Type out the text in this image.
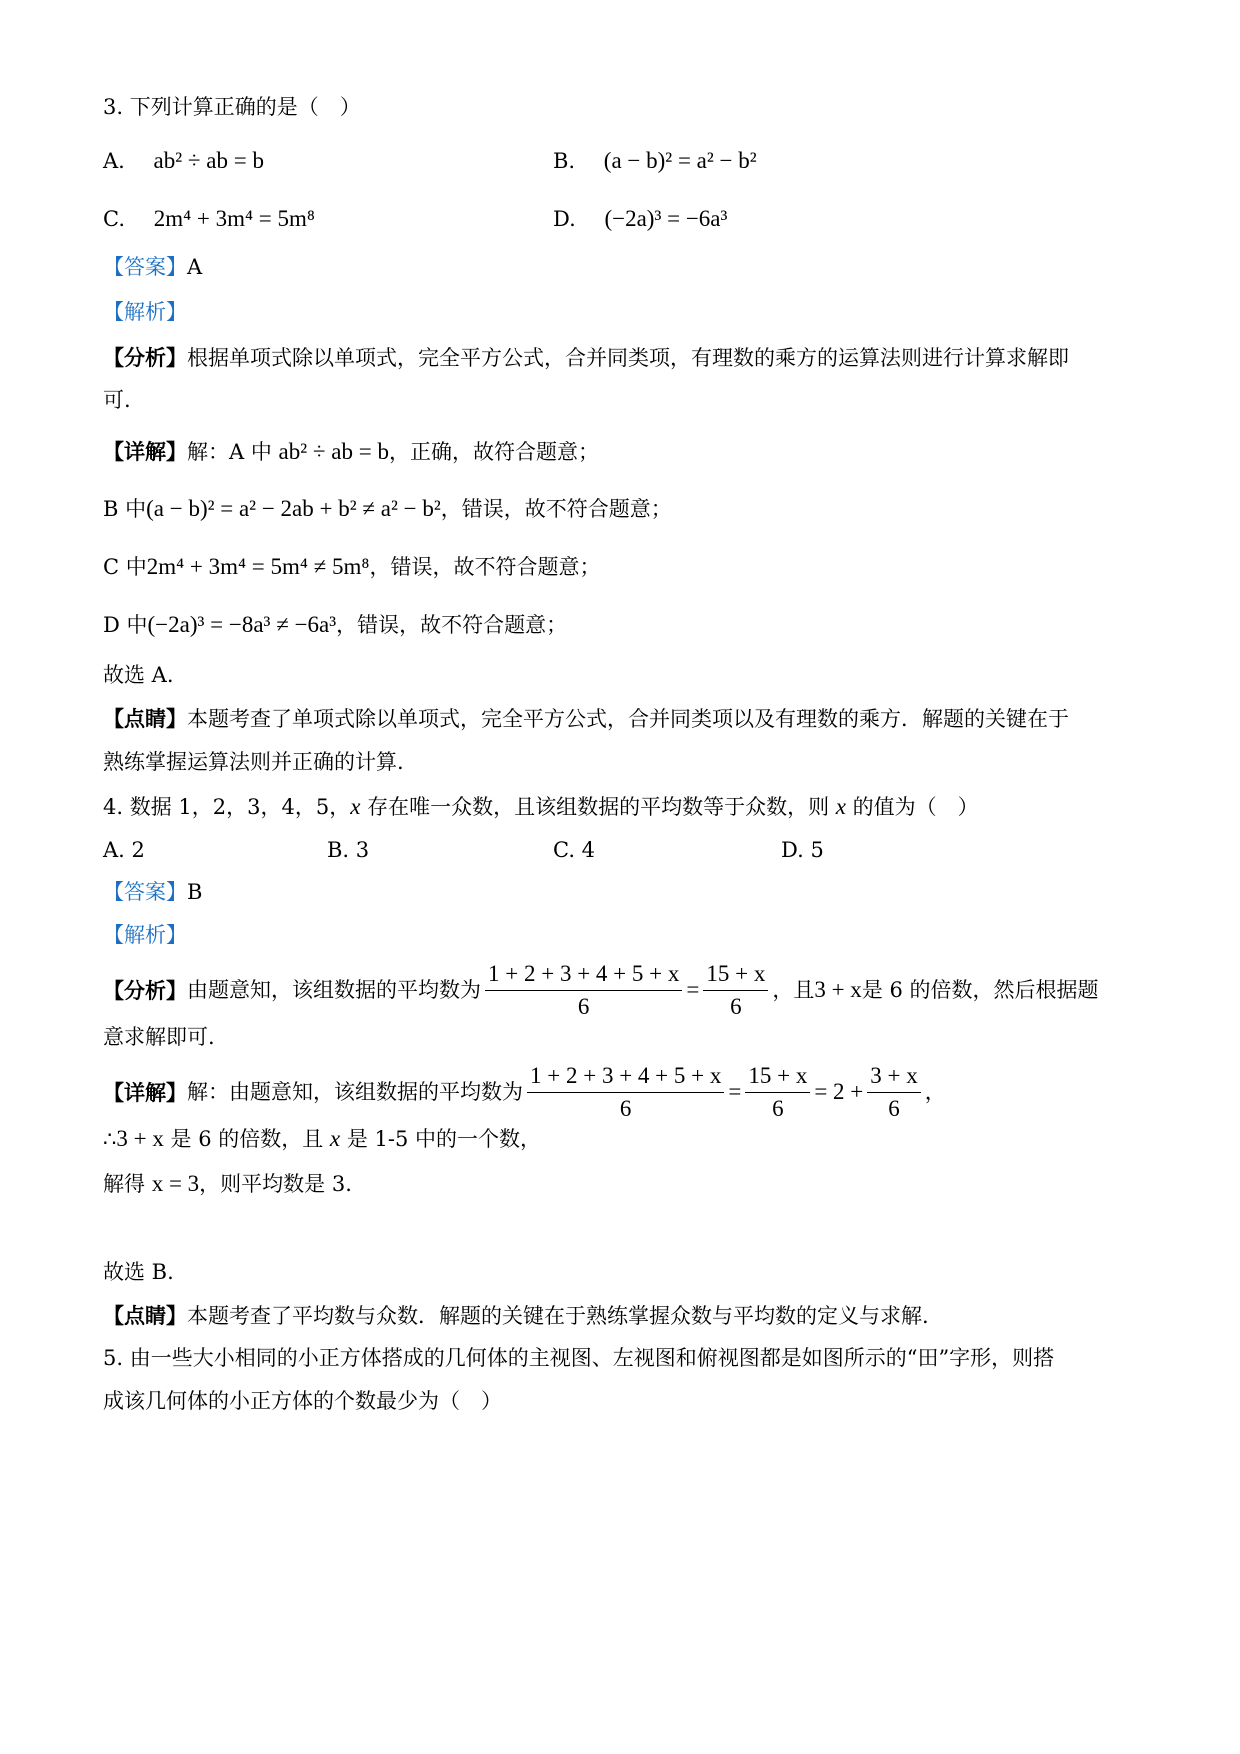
3. 下列计算正确的是（　）
A. ab² ÷ ab = b	B. (a − b)² = a² − b²
C. 2m⁴ + 3m⁴ = 5m⁸	D. (−2a)³ = −6a³
【答案】A
【解析】
【分析】根据单项式除以单项式，完全平方公式，合并同类项，有理数的乘方的运算法则进行计算求解即
可.
【详解】解：A 中 ab² ÷ ab = b，正确，故符合题意；
B 中(a − b)² = a² − 2ab + b² ≠ a² − b²，错误，故不符合题意；
C 中2m⁴ + 3m⁴ = 5m⁴ ≠ 5m⁸，错误，故不符合题意；
D 中(−2a)³ = −8a³ ≠ −6a³，错误，故不符合题意；
故选 A.
【点睛】本题考查了单项式除以单项式，完全平方公式，合并同类项以及有理数的乘方．解题的关键在于
熟练掌握运算法则并正确的计算.
4. 数据 1，2，3，4，5，x 存在唯一众数，且该组数据的平均数等于众数，则 x 的值为（　）
A. 2	B. 3	C. 4	D. 5
【答案】B
【解析】
【分析】 由题意知，该组数据的平均数为 $\frac{1 + 2 + 3 + 4 + 5 + x}{6} = \frac{15 + x}{6}$ ，且 3 + x 是 6 的倍数，然后根据题
意求解即可.
【详解】 解：由题意知，该组数据的平均数为 $\frac{1 + 2 + 3 + 4 + 5 + x}{6} = \frac{15 + x}{6} = 2 + \frac{3 + x}{6}$ ，
∴3 + x 是 6 的倍数，且 x 是 1-5 中的一个数，
解得 x = 3，则平均数是 3.
故选 B.
【点睛】本题考查了平均数与众数．解题的关键在于熟练掌握众数与平均数的定义与求解.
5. 由一些大小相同的小正方体搭成的几何体的主视图、左视图和俯视图都是如图所示的“田”字形，则搭
成该几何体的小正方体的个数最少为（　）
